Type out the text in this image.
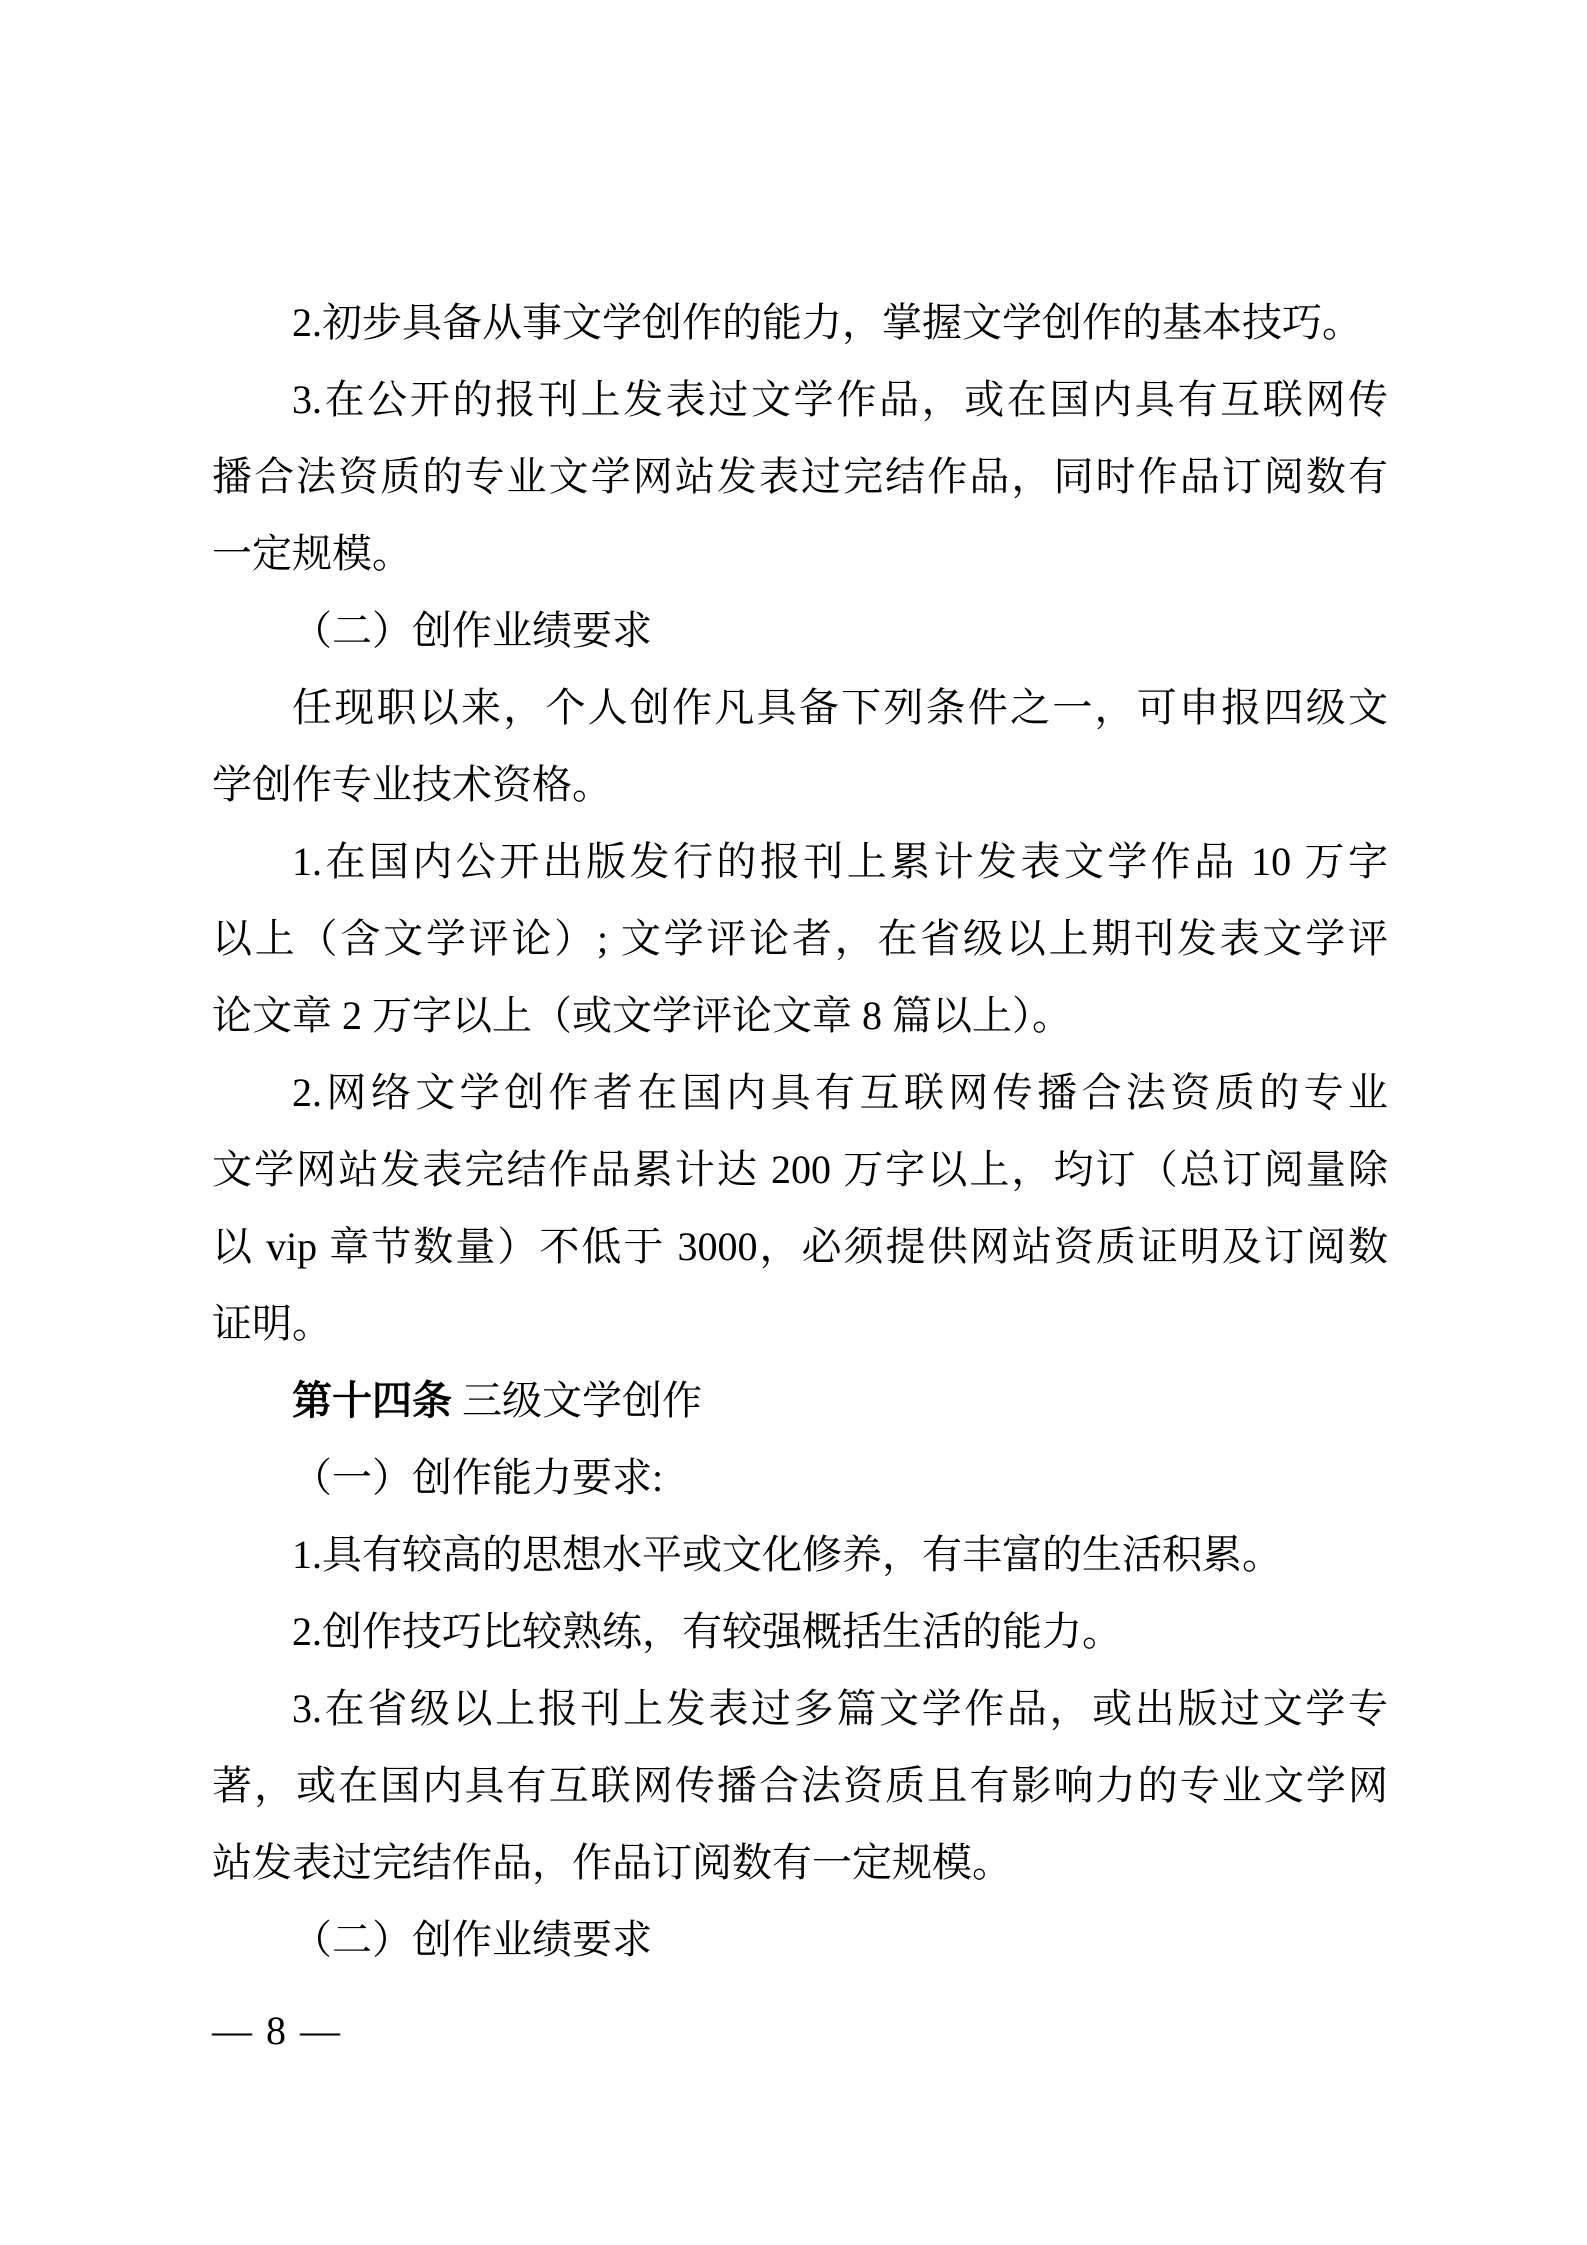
2.初步具备从事文学创作的能力，掌握文学创作的基本技巧。
3.在公开的报刊上发表过文学作品，或在国内具有互联网传
播合法资质的专业文学网站发表过完结作品，同时作品订阅数有
一定规模。
（二）创作业绩要求
任现职以来，个人创作凡具备下列条件之一，可申报四级文
学创作专业技术资格。
1.在国内公开出版发行的报刊上累计发表文学作品 10 万字
以上（含文学评论）; 文学评论者，在省级以上期刊发表文学评
论文章 2 万字以上（或文学评论文章 8 篇以上）。
2.网络文学创作者在国内具有互联网传播合法资质的专业
文学网站发表完结作品累计达 200 万字以上，均订（总订阅量除
以 vip 章节数量）不低于 3000，必须提供网站资质证明及订阅数
证明。
第十四条 三级文学创作
（一）创作能力要求:
1.具有较高的思想水平或文化修养，有丰富的生活积累。
2.创作技巧比较熟练，有较强概括生活的能力。
3.在省级以上报刊上发表过多篇文学作品，或出版过文学专
著，或在国内具有互联网传播合法资质且有影响力的专业文学网
站发表过完结作品，作品订阅数有一定规模。
（二）创作业绩要求
— 8 —
